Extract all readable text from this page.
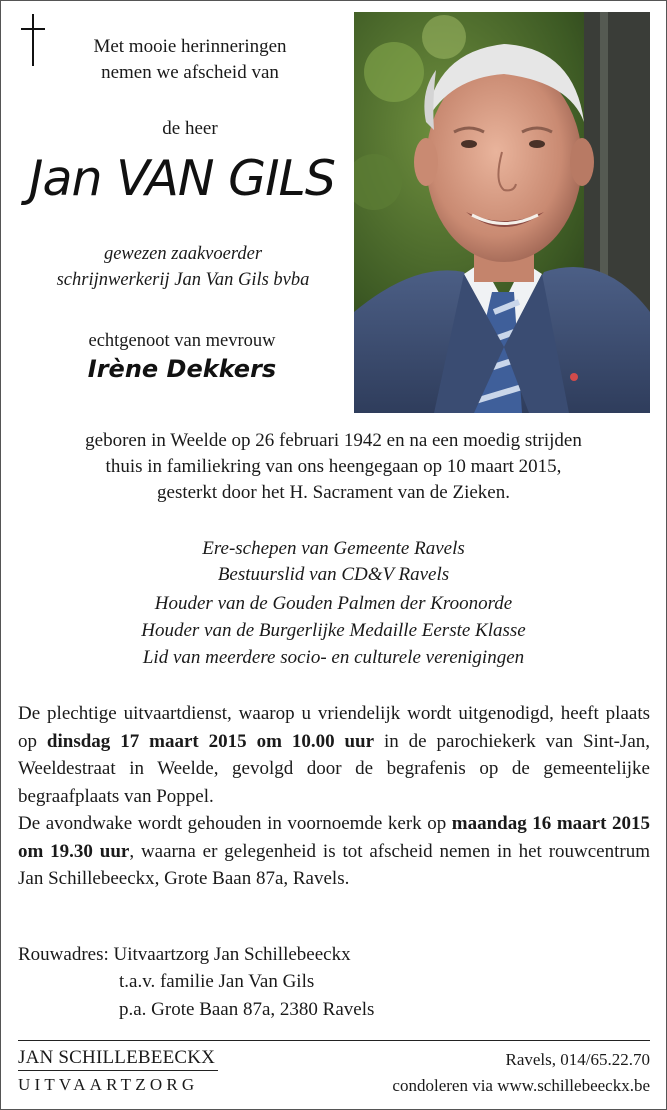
Met mooie herinneringen
nemen we afscheid van
de heer
Jan VAN GILS
gewezen zaakvoerder
schrijnwerkerij Jan Van Gils bvba
echtgenoot van mevrouw
Irène Dekkers
geboren in Weelde op 26 februari 1942 en na een moedig strijden
thuis in familiekring van ons heengegaan op 10 maart 2015,
gesterkt door het H. Sacrament van de Zieken.
Ere-schepen van Gemeente Ravels
Bestuurslid van CD&V Ravels
Houder van de Gouden Palmen der Kroonorde
Houder van de Burgerlijke Medaille Eerste Klasse
Lid van meerdere socio- en culturele verenigingen
De plechtige uitvaartdienst, waarop u vriendelijk wordt uitgenodigd, heeft plaats op dinsdag 17 maart 2015 om 10.00 uur in de parochiekerk van Sint-Jan, Weeldestraat in Weelde, gevolgd door de begrafenis op de gemeentelijke begraafplaats van Poppel.
De avondwake wordt gehouden in voornoemde kerk op maandag 16 maart 2015 om 19.30 uur, waarna er gelegenheid is tot afscheid nemen in het rouwcentrum Jan Schillebeeckx, Grote Baan 87a, Ravels.
Rouwadres: Uitvaartzorg Jan Schillebeeckx
t.a.v. familie Jan Van Gils
p.a. Grote Baan 87a, 2380 Ravels
JAN SCHILLEBEECKX
UITVAARTZORG
Ravels, 014/65.22.70
condoleren via www.schillebeeckx.be
